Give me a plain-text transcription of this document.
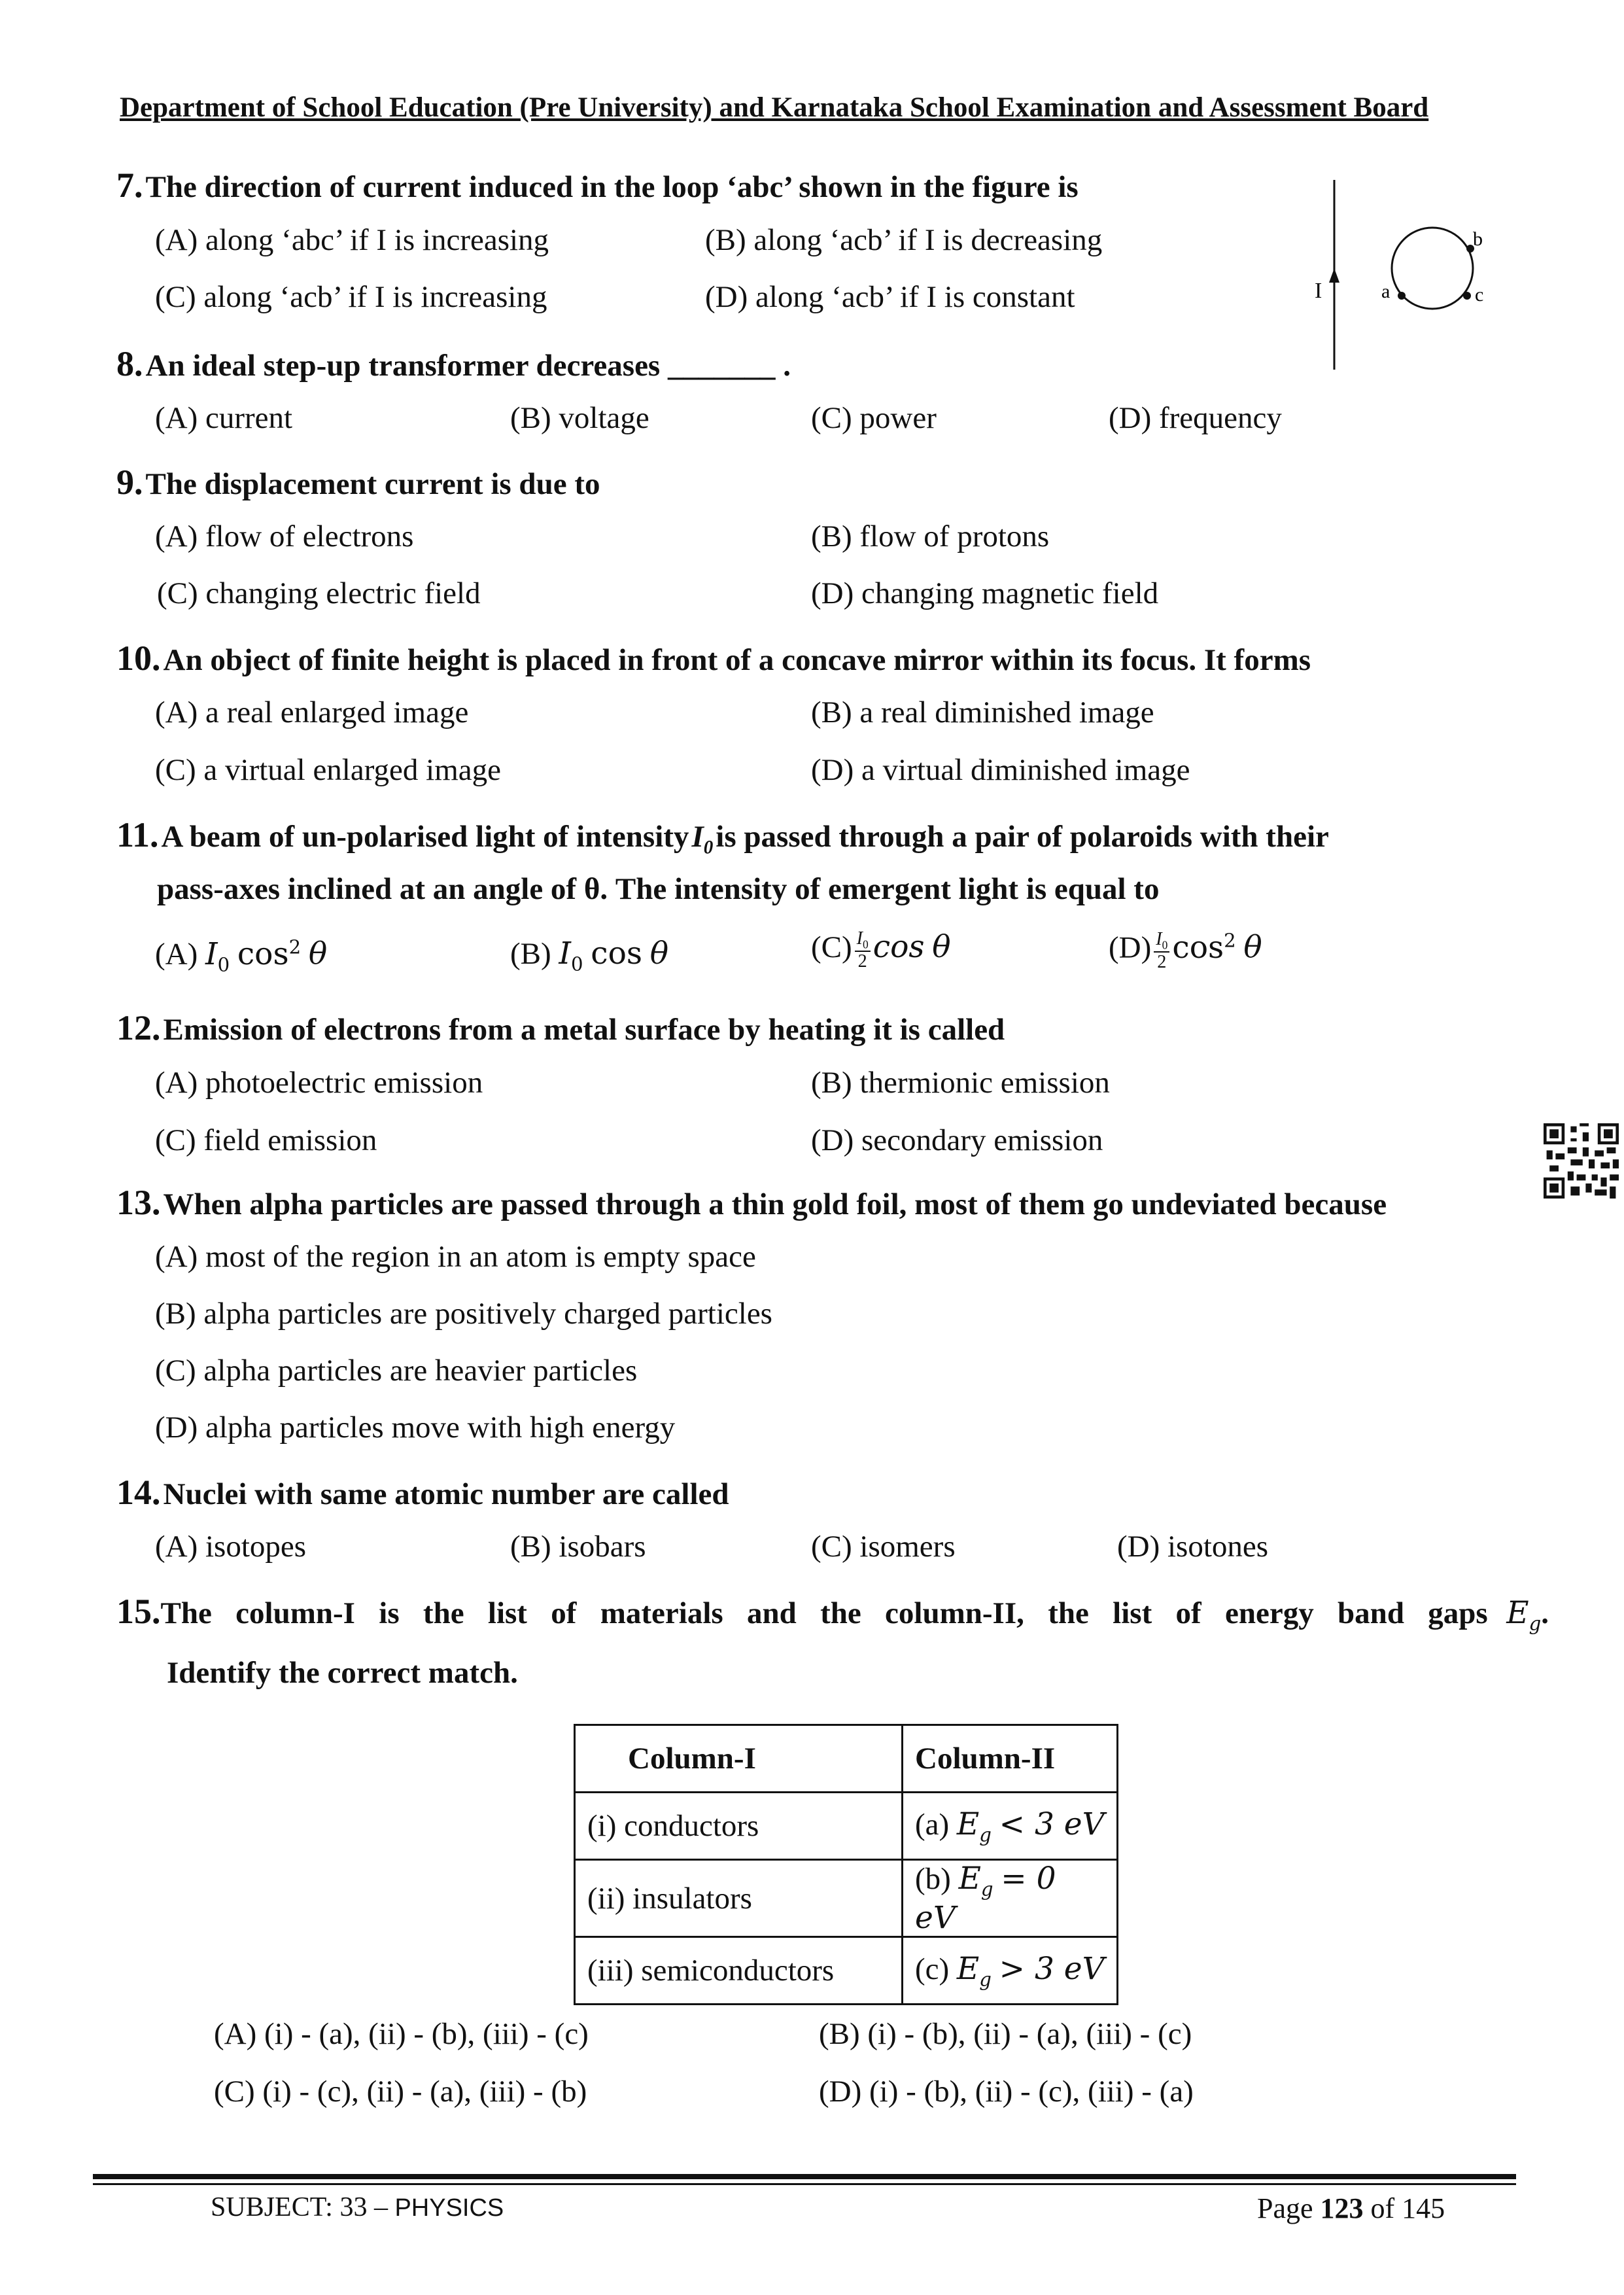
Department of School Education (Pre University) and Karnataka School Examination and Assessment Board
7. The direction of current induced in the loop ‘abc’ shown in the figure is
(A) along ‘abc’ if I is increasing	(B) along ‘acb’ if I is decreasing
(C) along ‘acb’ if I is increasing	(D) along ‘acb’ if I is constant	I	a
b
c
8. An ideal step-up transformer decreases _______ .
(A) current	(B) voltage	(C) power	(D) frequency
9. The displacement current is due to
(A) flow of electrons	(B) flow of protons
(C) changing electric field	(D) changing magnetic field
10. An object of finite height is placed in front of a concave mirror within its focus. It forms
(A) a real enlarged image	(B) a real diminished image
(C) a virtual enlarged image	(D) a virtual diminished image
11. A beam of un-polarised light of intensity $I_0$ is passed through a pair of polaroids with their
pass-axes inclined at an angle of θ. The intensity of emergent light is equal to
(A) $I_0$ $\cos^2 \theta$	(B) $I_0$ cos θ	$(C) \frac{I_0}{2}$ cos θ	$(D) \frac{I_0}{2} \cos^2 \theta$
12. Emission of electrons from a metal surface by heating it is called
(A) photoelectric emission	(B) thermionic emission
(C) field emission	(D) secondary emission
13. When alpha particles are passed through a thin gold foil, most of them go undeviated because
(A) most of the region in an atom is empty space
(B) alpha particles are positively charged particles
(C) alpha particles are heavier particles
(D) alpha particles move with high energy
14. Nuclei with same atomic number are called
(A) isotopes	(B) isobars	(C) isomers	(D) isotones
15.The column-I is the list of materials and the column-II, the list of energy band gaps $E_g$.
Identify the correct match.
Column-I	Column-II
(i) conductors	(a) $E_g < 3$ eV
(ii) insulators	(b) $E_g = 0$ eV
(iii) semiconductors	(c) $E_g > 3$ eV
(A) (i) - (a), (ii) - (b), (iii) - (c)	(B) (i) - (b), (ii) - (a), (iii) - (c)
(C) (i) - (c), (ii) - (a), (iii) - (b)	(D) (i) - (b), (ii) - (c), (iii) - (a)
SUBJECT: 33 – PHYSICS	Page 123 of 145
